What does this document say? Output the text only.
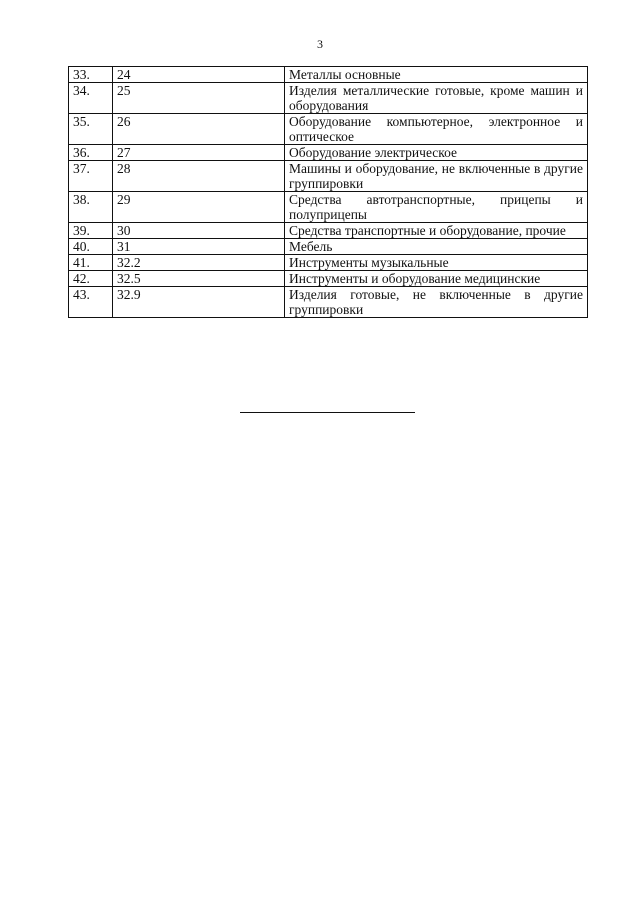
3
33.	24	Металлы основные
34.	25	Изделия металлические готовые, кроме машин и оборудования
35.	26	Оборудование компьютерное, электронное и оптическое
36.	27	Оборудование электрическое
37.	28	Машины и оборудование, не включенные в другие группировки
38.	29	Средства автотранспортные, прицепы и полуприцепы
39.	30	Средства транспортные и оборудование, прочие
40.	31	Мебель
41.	32.2	Инструменты музыкальные
42.	32.5	Инструменты и оборудование медицинские
43.	32.9	Изделия готовые, не включенные в другие группировки
